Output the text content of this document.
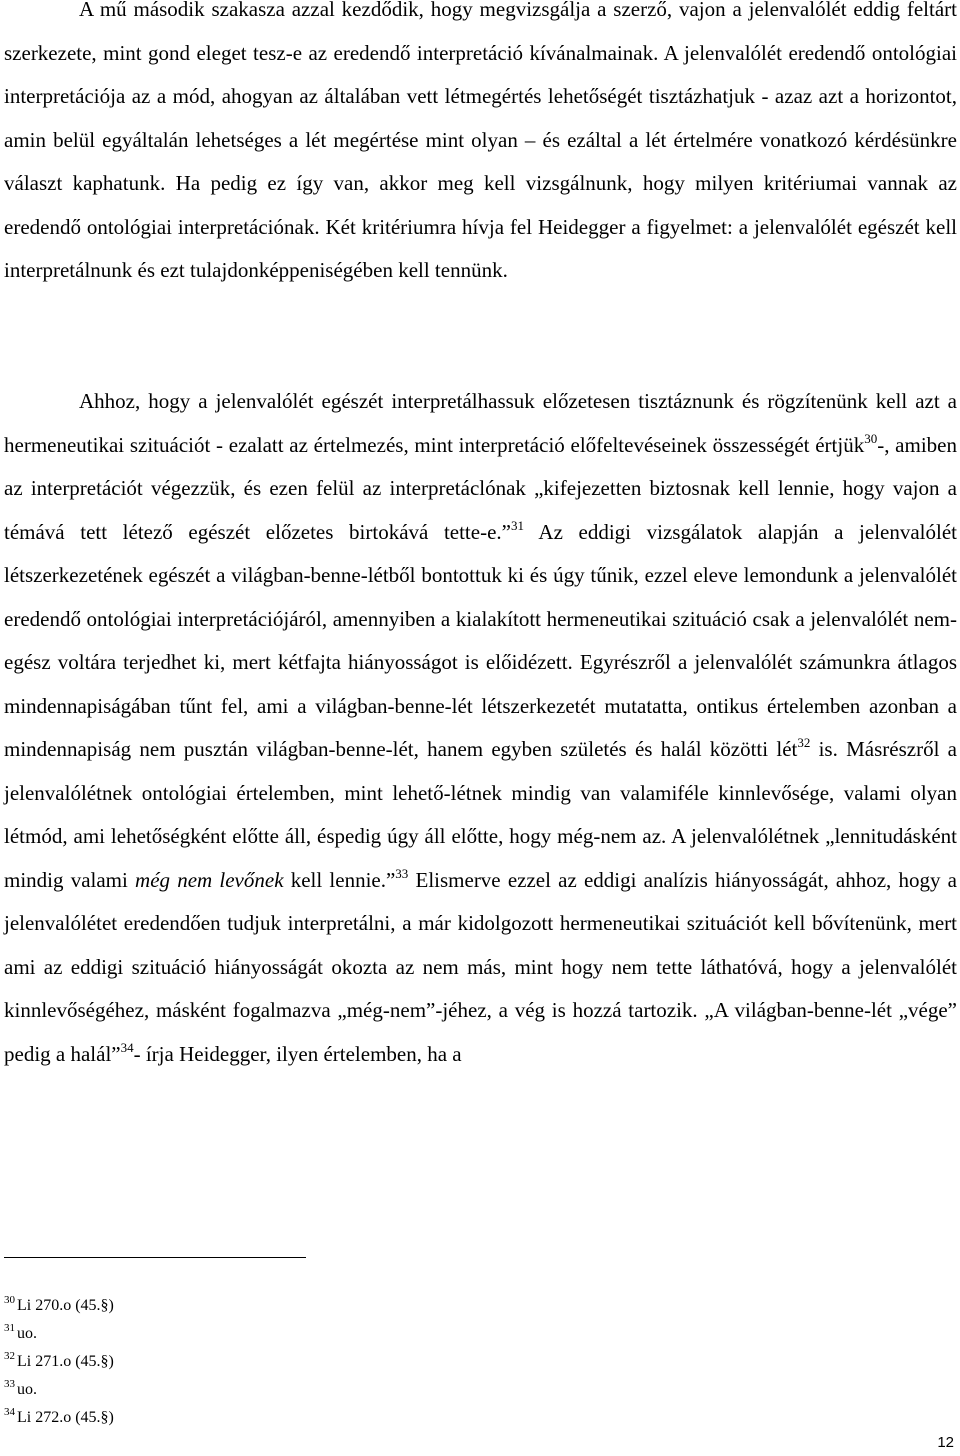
A mű második szakasza azzal kezdődik, hogy megvizsgálja a szerző, vajon a jelenvalólét eddig feltárt szerkezete, mint gond eleget tesz-e az eredendő interpretáció kívánalmainak. A jelenvalólét eredendő ontológiai interpretációja az a mód, ahogyan az általában vett létmegértés lehetőségét tisztázhatjuk - azaz azt a horizontot, amin belül egyáltalán lehetséges a lét megértése mint olyan – és ezáltal a lét értelmére vonatkozó kérdésünkre választ kaphatunk. Ha pedig ez így van, akkor meg kell vizsgálnunk, hogy milyen kritériumai vannak az eredendő ontológiai interpretációnak. Két kritériumra hívja fel Heidegger a figyelmet: a jelenvalólét egészét kell interpretálnunk és ezt tulajdonképpeniségében kell tennünk.

Ahhoz, hogy a jelenvalólét egészét interpretálhassuk előzetesen tisztáznunk és rögzítenünk kell azt a hermeneutikai szituációt - ezalatt az értelmezés, mint interpretáció előfeltevéseinek összességét értjük$^{30}$-, amiben az interpretációt végezzük, és ezen felül az interpretáclónak „kifejezetten biztosnak kell lennie, hogy vajon a témává tett létező egészét előzetes birtokává tette-e.”$^{31}$ Az eddigi vizsgálatok alapján a jelenvalólét létszerkezetének egészét a világban-benne-létből bontottuk ki és úgy tűnik, ezzel eleve lemondunk a jelenvalólét eredendő ontológiai interpretációjáról, amennyiben a kialakított hermeneutikai szituáció csak a jelenvalólét nem-egész voltára terjedhet ki, mert kétfajta hiányosságot is előidézett. Egyrészről a jelenvalólét számunkra átlagos mindennapiságában tűnt fel, ami a világban-benne-lét létszerkezetét mutatatta, ontikus értelemben azonban a mindennapiság nem pusztán világban-benne-lét, hanem egyben születés és halál közötti lét$^{32}$ is. Másrészről a jelenvalólétnek ontológiai értelemben, mint lehető-létnek mindig van valamiféle kinnlevősége, valami olyan létmód, ami lehetőségként előtte áll, éspedig úgy áll előtte, hogy még-nem az. A jelenvalólétnek „lennitudásként mindig valami még nem levőnek kell lennie.”$^{33}$ Elismerve ezzel az eddigi analízis hiányosságát, ahhoz, hogy a jelenvalólétet eredendően tudjuk interpretálni, a már kidolgozott hermeneutikai szituációt kell bővítenünk, mert ami az eddigi szituáció hiányosságát okozta az nem más, mint hogy nem tette láthatóvá, hogy a jelenvalólét kinnlevőségéhez, másként fogalmazva „még-nem”-jéhez, a vég is hozzá tartozik. „A világban-benne-lét „vége” pedig a halál”$^{34}$- írja Heidegger, ilyen értelemben, ha a

$^{30}$ Li 270.o (45.§)
$^{31}$ uo.
$^{32}$ Li 271.o (45.§)
$^{33}$ uo.
$^{34}$ Li 272.o (45.§)
12
